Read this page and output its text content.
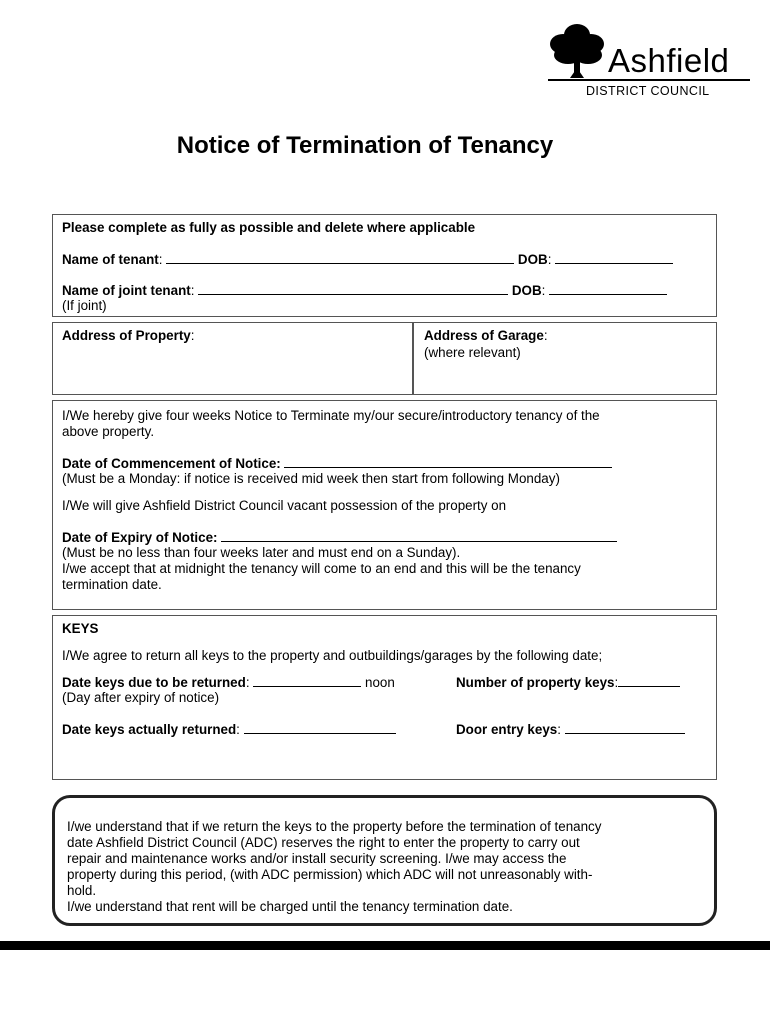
Ashfield
DISTRICT COUNCIL
Notice of Termination of Tenancy
Please complete as fully as possible and delete where applicable
Name of tenant:	DOB:
Name of joint tenant:	DOB:
(If joint)
Address of Property:	Address of Garage:
(where relevant)
I/We hereby give four weeks Notice to Terminate my/our secure/introductory tenancy of the
above property.
Date of Commencement of Notice:
(Must be a Monday: if notice is received mid week then start from following Monday)
I/We will give Ashfield District Council vacant possession of the property on
Date of Expiry of Notice:
(Must be no less than four weeks later and must end on a Sunday).
I/we accept that at midnight the tenancy will come to an end and this will be the tenancy
termination date.
KEYS
I/We agree to return all keys to the property and outbuildings/garages by the following date;
Date keys due to be returned:	noon	Number of property keys:
(Day after expiry of notice)
Date keys actually returned:	Door entry keys:
I/we understand that if we return the keys to the property before the termination of tenancy
date Ashfield District Council (ADC) reserves the right to enter the property to carry out
repair and maintenance works and/or install security screening. I/we may access the
property during this period, (with ADC permission) which ADC will not unreasonably with-
hold.
I/we understand that rent will be charged until the tenancy termination date.
